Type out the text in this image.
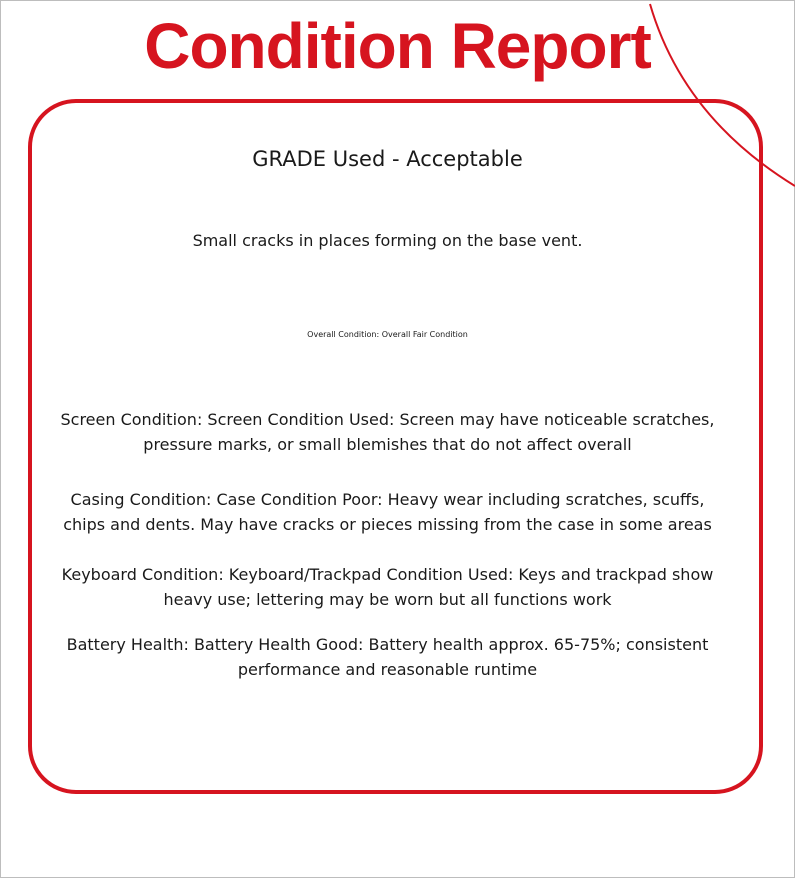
Condition Report

GRADE Used - Acceptable

Small cracks in places forming on the base vent.

Overall Condition: Overall Fair Condition

Screen Condition: Screen Condition Used: Screen may have noticeable scratches, pressure marks, or small blemishes that do not affect overall

Casing Condition: Case Condition Poor: Heavy wear including scratches, scuffs, chips and dents. May have cracks or pieces missing from the case in some areas

Keyboard Condition: Keyboard/Trackpad Condition Used: Keys and trackpad show heavy use; lettering may be worn but all functions work

Battery Health: Battery Health Good: Battery health approx. 65-75%; consistent performance and reasonable runtime
